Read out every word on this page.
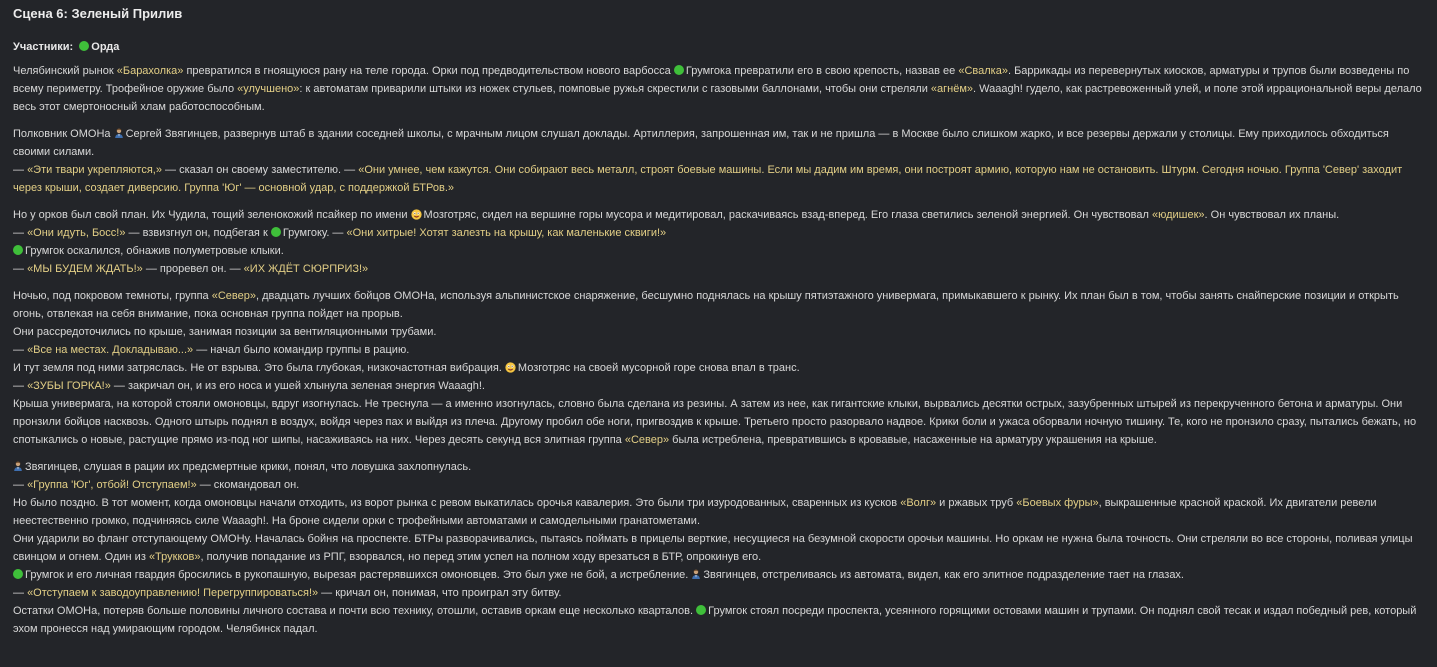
Сцена 6: Зеленый Прилив
Участники: Орда
Челябинский рынок «Барахолка» превратился в гноящуюся рану на теле города. Орки под предводительством нового варбосса Грумгока превратили его в свою крепость, назвав ее «Свалка». Баррикады из перевернутых киосков, арматуры и трупов были возведены по всему периметру. Трофейное оружие было «улучшено»: к автоматам приварили штыки из ножек стульев, помповые ружья скрестили с газовыми баллонами, чтобы они стреляли «агнём». Waaagh! гудело, как растревоженный улей, и поле этой иррациональной веры делало весь этот смертоносный хлам работоспособным.
Полковник ОМОНа Сергей Звягинцев, развернув штаб в здании соседней школы, с мрачным лицом слушал доклады. Артиллерия, запрошенная им, так и не пришла — в Москве было слишком жарко, и все резервы держали у столицы. Ему приходилось обходиться своими силами.
— «Эти твари укрепляются,» — сказал он своему заместителю. — «Они умнее, чем кажутся. Они собирают весь металл, строят боевые машины. Если мы дадим им время, они построят армию, которую нам не остановить. Штурм. Сегодня ночью. Группа 'Север' заходит через крыши, создает диверсию. Группа 'Юг' — основной удар, с поддержкой БТРов.»
Но у орков был свой план. Их Чудила, тощий зеленокожий псайкер по имени Мозготряс, сидел на вершине горы мусора и медитировал, раскачиваясь взад-вперед. Его глаза светились зеленой энергией. Он чувствовал «юдишек». Он чувствовал их планы.
— «Они идуть, Босс!» — взвизгнул он, подбегая к Грумгоку. — «Они хитрые! Хотят залезть на крышу, как маленькие сквиги!»
Грумгок оскалился, обнажив полуметровые клыки.
— «МЫ БУДЕМ ЖДАТЬ!» — проревел он. — «ИХ ЖДЁТ СЮРПРИЗ!»
Ночью, под покровом темноты, группа «Север», двадцать лучших бойцов ОМОНа, используя альпинистское снаряжение, бесшумно поднялась на крышу пятиэтажного универмага, примыкавшего к рынку. Их план был в том, чтобы занять снайперские позиции и открыть огонь, отвлекая на себя внимание, пока основная группа пойдет на прорыв.
Они рассредоточились по крыше, занимая позиции за вентиляционными трубами.
— «Все на местах. Докладываю...» — начал было командир группы в рацию.
И тут земля под ними затряслась. Не от взрыва. Это была глубокая, низкочастотная вибрация. Мозготряс на своей мусорной горе снова впал в транс.
— «ЗУБЫ ГОРКА!» — закричал он, и из его носа и ушей хлынула зеленая энергия Waaagh!.
Крыша универмага, на которой стояли омоновцы, вдруг изогнулась. Не треснула — а именно изогнулась, словно была сделана из резины. А затем из нее, как гигантские клыки, вырвались десятки острых, зазубренных штырей из перекрученного бетона и арматуры. Они пронзили бойцов насквозь. Одного штырь поднял в воздух, войдя через пах и выйдя из плеча. Другому пробил обе ноги, пригвоздив к крыше. Третьего просто разорвало надвое. Крики боли и ужаса оборвали ночную тишину. Те, кого не пронзило сразу, пытались бежать, но спотыкались о новые, растущие прямо из-под ног шипы, насаживаясь на них. Через десять секунд вся элитная группа «Север» была истреблена, превратившись в кровавые, насаженные на арматуру украшения на крыше.
Звягинцев, слушая в рации их предсмертные крики, понял, что ловушка захлопнулась.
— «Группа 'Юг', отбой! Отступаем!» — скомандовал он.
Но было поздно. В тот момент, когда омоновцы начали отходить, из ворот рынка с ревом выкатилась орочья кавалерия. Это были три изуродованных, сваренных из кусков «Волг» и ржавых труб «Боевых фуры», выкрашенные красной краской. Их двигатели ревели неестественно громко, подчиняясь силе Waaagh!. На броне сидели орки с трофейными автоматами и самодельными гранатометами.
Они ударили во фланг отступающему ОМОНу. Началась бойня на проспекте. БТРы разворачивались, пытаясь поймать в прицелы верткие, несущиеся на безумной скорости орочьи машины. Но оркам не нужна была точность. Они стреляли во все стороны, поливая улицы свинцом и огнем. Один из «Трукков», получив попадание из РПГ, взорвался, но перед этим успел на полном ходу врезаться в БТР, опрокинув его.
Грумгок и его личная гвардия бросились в рукопашную, вырезая растерявшихся омоновцев. Это был уже не бой, а истребление. Звягинцев, отстреливаясь из автомата, видел, как его элитное подразделение тает на глазах.
— «Отступаем к заводоуправлению! Перегруппироваться!» — кричал он, понимая, что проиграл эту битву.
Остатки ОМОНа, потеряв больше половины личного состава и почти всю технику, отошли, оставив оркам еще несколько кварталов. Грумгок стоял посреди проспекта, усеянного горящими остовами машин и трупами. Он поднял свой тесак и издал победный рев, который эхом пронесся над умирающим городом. Челябинск падал.
